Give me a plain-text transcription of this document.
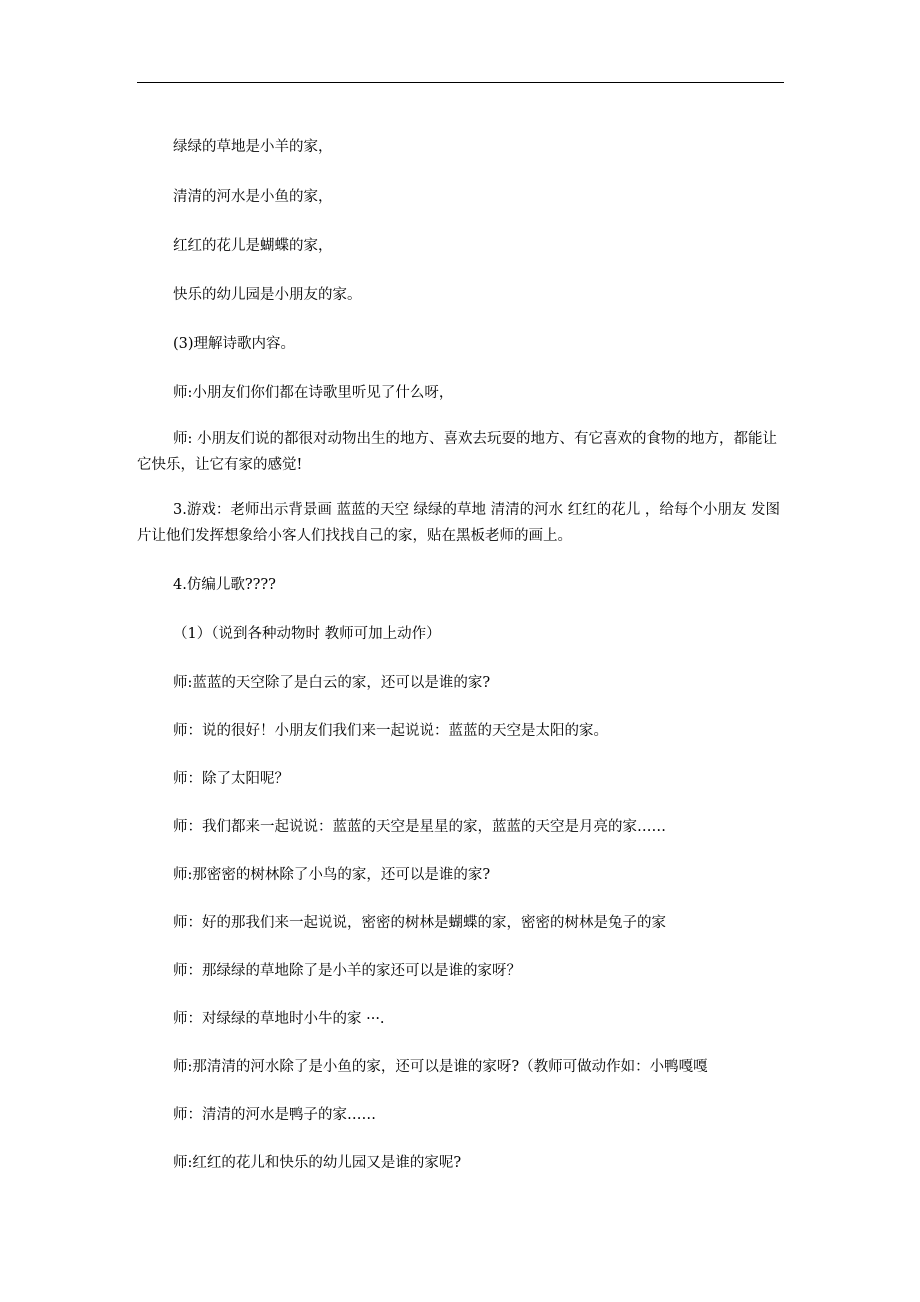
绿绿的草地是小羊的家，
清清的河水是小鱼的家，
红红的花儿是蝴蝶的家，
快乐的幼儿园是小朋友的家。
(3)理解诗歌内容。
师:小朋友们你们都在诗歌里听见了什么呀，
师: 小朋友们说的都很对动物出生的地方、喜欢去玩耍的地方、有它喜欢的食物的地方，都能让它快乐，让它有家的感觉!
3.游戏：老师出示背景画 蓝蓝的天空 绿绿的草地 清清的河水 红红的花儿 ，给每个小朋友 发图片让他们发挥想象给小客人们找找自己的家，贴在黑板老师的画上。
4.仿编儿歌????
（1）（说到各种动物时 教师可加上动作）
师:蓝蓝的天空除了是白云的家，还可以是谁的家?
师：说的很好！小朋友们我们来一起说说：蓝蓝的天空是太阳的家。
师：除了太阳呢？
师：我们都来一起说说：蓝蓝的天空是星星的家，蓝蓝的天空是月亮的家……
师:那密密的树林除了小鸟的家，还可以是谁的家?
师：好的那我们来一起说说，密密的树林是蝴蝶的家，密密的树林是兔子的家
师：那绿绿的草地除了是小羊的家还可以是谁的家呀？
师：对绿绿的草地时小牛的家 ···.
师:那清清的河水除了是小鱼的家，还可以是谁的家呀?（教师可做动作如：小鸭嘎嘎
师：清清的河水是鸭子的家……
师:红红的花儿和快乐的幼儿园又是谁的家呢?
